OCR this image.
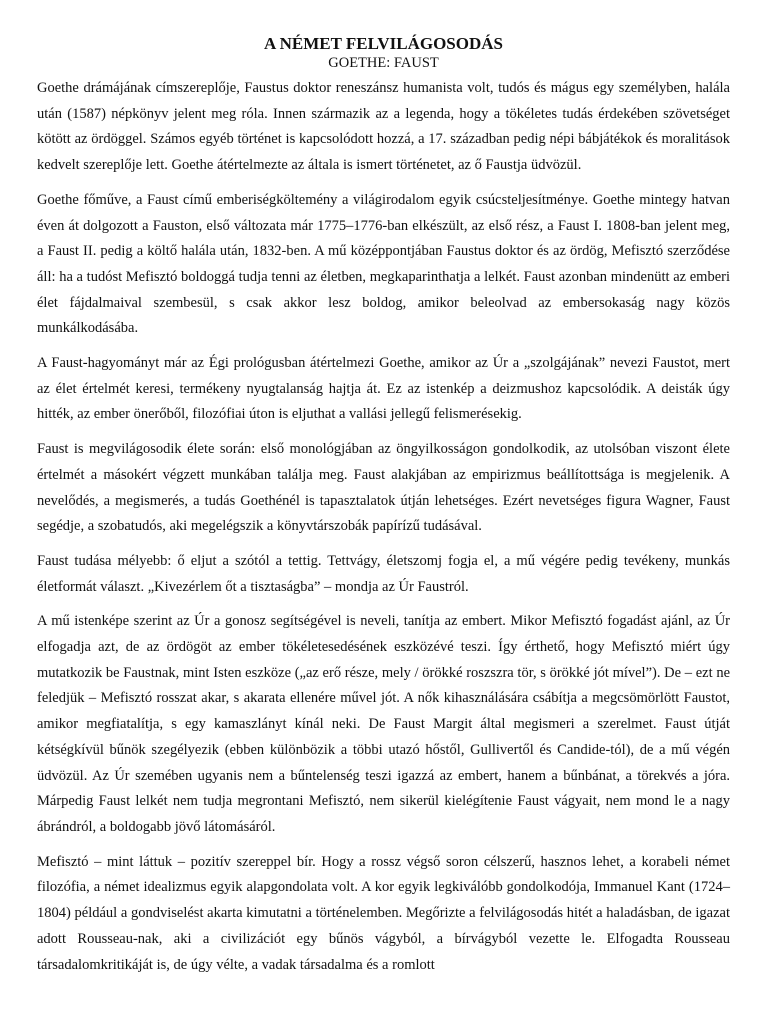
A NÉMET FELVILÁGOSODÁS
GOETHE: FAUST

Goethe drámájának címszereplője, Faustus doktor reneszánsz humanista volt, tudós és mágus egy személyben, halála után (1587) népkönyv jelent meg róla. Innen származik az a legenda, hogy a tökéletes tudás érdekében szövetséget kötött az ördöggel. Számos egyéb történet is kapcsolódott hozzá, a 17. században pedig népi bábjátékok és moralitások kedvelt szereplője lett. Goethe átértelmezte az általa is ismert történetet, az ő Faustja üdvözül.

Goethe főműve, a Faust című emberiségköltemény a világirodalom egyik csúcsteljesítménye. Goethe mintegy hatvan éven át dolgozott a Fauston, első változata már 1775–1776-ban elkészült, az első rész, a Faust I. 1808-ban jelent meg, a Faust II. pedig a költő halála után, 1832-ben. A mű középpontjában Faustus doktor és az ördög, Mefisztó szerződése áll: ha a tudóst Mefisztó boldoggá tudja tenni az életben, megkaparinthatja a lelkét. Faust azonban mindenütt az emberi élet fájdalmaival szembesül, s csak akkor lesz boldog, amikor beleolvad az embersokaság nagy közös munkálkodásába.

A Faust-hagyományt már az Égi prológusban átértelmezi Goethe, amikor az Úr a „szolgájának” nevezi Faustot, mert az élet értelmét keresi, termékeny nyugtalanság hajtja át. Ez az istenkép a deizmushoz kapcsolódik. A deisták úgy hitték, az ember önerőből, filozófiai úton is eljuthat a vallási jellegű felismerésekig.

Faust is megvilágosodik élete során: első monológjában az öngyilkosságon gondolkodik, az utolsóban viszont élete értelmét a másokért végzett munkában találja meg. Faust alakjában az empirizmus beállítottsága is megjelenik. A nevelődés, a megismerés, a tudás Goethénél is tapasztalatok útján lehetséges. Ezért nevetséges figura Wagner, Faust segédje, a szobatudós, aki megelégszik a könyvtárszobák papírízű tudásával.

Faust tudása mélyebb: ő eljut a szótól a tettig. Tettvágy, életszomj fogja el, a mű végére pedig tevékeny, munkás életformát választ. „Kivezérlem őt a tisztaságba” – mondja az Úr Faustról.

A mű istenképe szerint az Úr a gonosz segítségével is neveli, tanítja az embert. Mikor Mefisztó fogadást ajánl, az Úr elfogadja azt, de az ördögöt az ember tökéletesedésének eszközévé teszi. Így érthető, hogy Mefisztó miért úgy mutatkozik be Faustnak, mint Isten eszköze („az erő része, mely / örökké roszszra tör, s örökké jót mível”). De – ezt ne feledjük – Mefisztó rosszat akar, s akarata ellenére művel jót. A nők kihasználására csábítja a megcsömörlött Faustot, amikor megfiatalítja, s egy kamaszlányt kínál neki. De Faust Margit által megismeri a szerelmet. Faust útját kétségkívül bűnök szegélyezik (ebben különbözik a többi utazó hőstől, Gullivertől és Candide-tól), de a mű végén üdvözül. Az Úr szemében ugyanis nem a bűntelenség teszi igazzá az embert, hanem a bűnbánat, a törekvés a jóra. Márpedig Faust lelkét nem tudja megrontani Mefisztó, nem sikerül kielégítenie Faust vágyait, nem mond le a nagy ábrándról, a boldogabb jövő látomásáról.

Mefisztó – mint láttuk – pozitív szereppel bír. Hogy a rossz végső soron célszerű, hasznos lehet, a korabeli német filozófia, a német idealizmus egyik alapgondolata volt. A kor egyik legkiválóbb gondolkodója, Immanuel Kant (1724–1804) például a gondviselést akarta kimutatni a történelemben. Megőrizte a felvilágosodás hitét a haladásban, de igazat adott Rousseau-nak, aki a civilizációt egy bűnös vágyból, a bírvágyból vezette le. Elfogadta Rousseau társadalomkritikáját is, de úgy vélte, a vadak társadalma és a romlott
